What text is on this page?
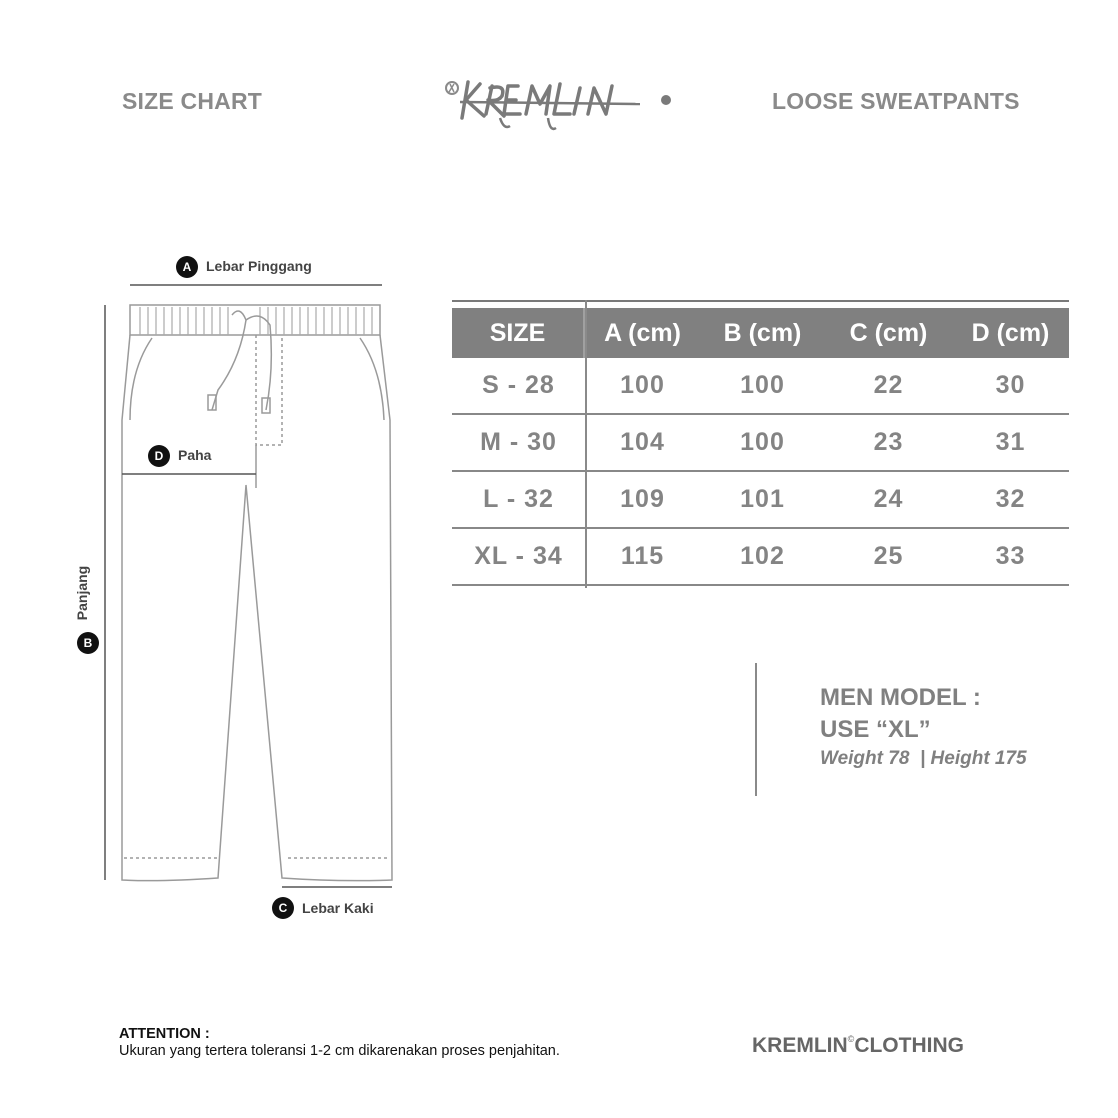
SIZE CHART	LOOSE SWEATPANTS
A	Lebar Pinggang
B
Panjang
D	Paha
C	Lebar Kaki
SIZE	A (cm)	B (cm)	C (cm)	D (cm)
S - 28	100	100	22	30
M - 30	104	100	23	31
L - 32	109	101	24	32
XL - 34	115	102	25	33
MEN MODEL :
USE “XL”
Weight 78  | Height 175
ATTENTION :
Ukuran yang tertera toleransi 1-2 cm dikarenakan proses penjahitan.	KREMLIN©CLOTHING
